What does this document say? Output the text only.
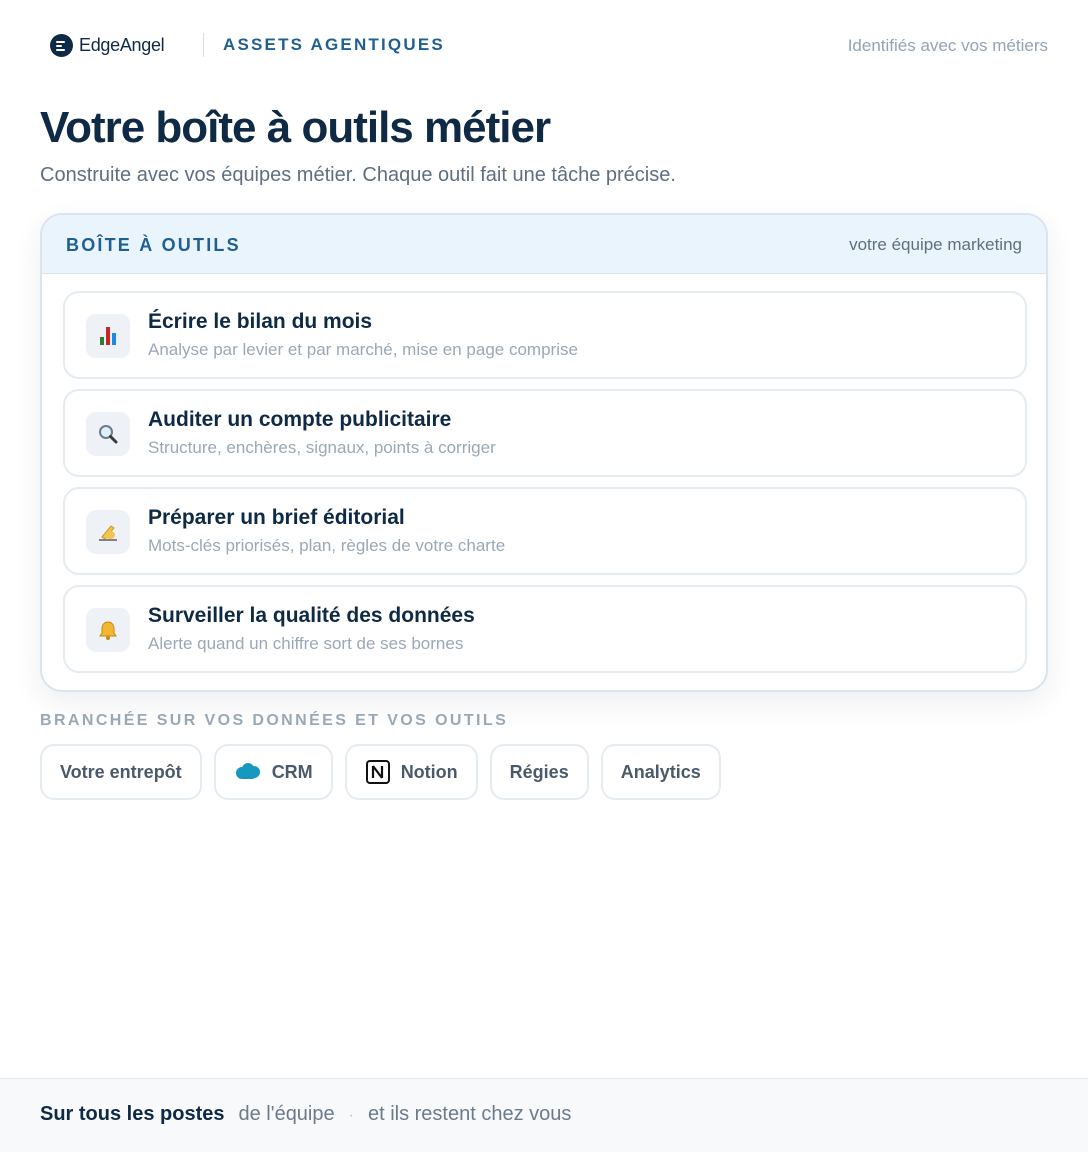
EdgeAngel	ASSETS AGENTIQUES	Identifiés avec vos métiers
Votre boîte à outils métier

Construite avec vos équipes métier. Chaque outil fait une tâche précise.

BOÎTE À OUTILS	votre équipe marketing
Écrire le bilan du mois
Analyse par levier et par marché, mise en page comprise
Auditer un compte publicitaire
Structure, enchères, signaux, points à corriger
Préparer un brief éditorial
Mots-clés priorisés, plan, règles de votre charte
Surveiller la qualité des données
Alerte quand un chiffre sort de ses bornes
BRANCHÉE SUR VOS DONNÉES ET VOS OUTILS
Votre entrepôt	CRM	Notion	Régies	Analytics
Sur tous les postes de l'équipe · et ils restent chez vous
